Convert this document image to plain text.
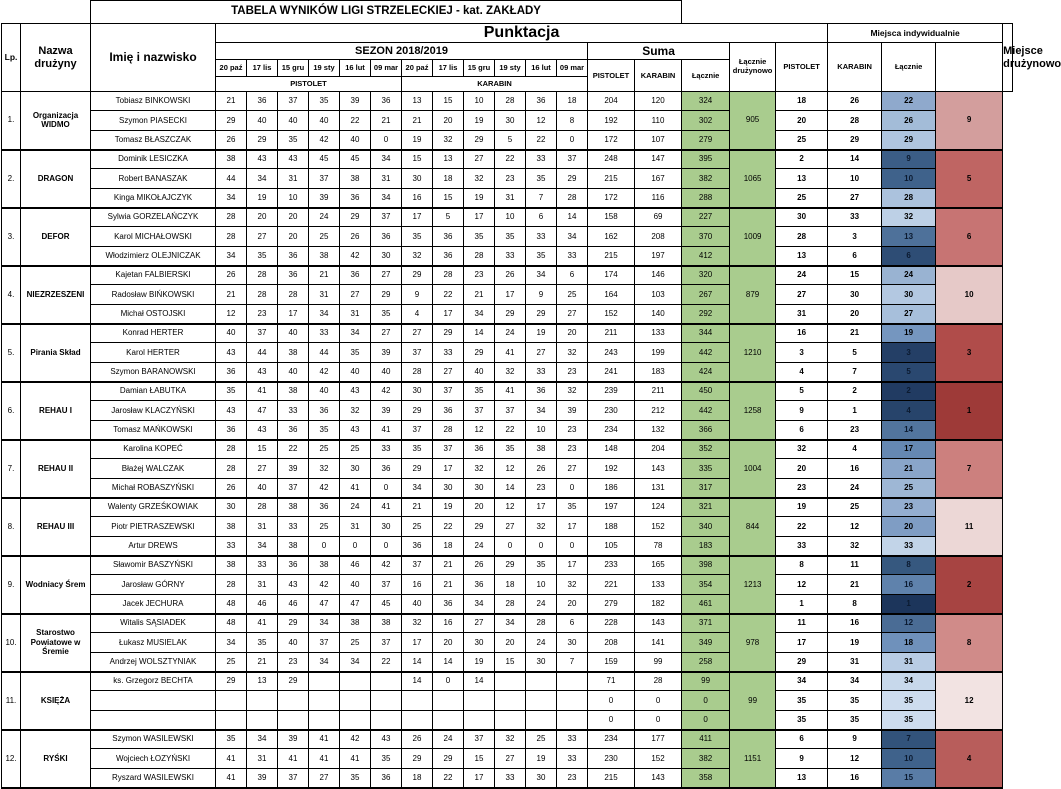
		TABELA WYNIKÓW LIGI STRZELECKIEJ - kat. ZAKŁADY																					
Lp.	Nazwa drużyny	Imię i nazwisko	Punktacja																	Miejsca indywidualnie			Miejsce drużynowo
			SEZON 2018/2019												Suma			Łącznie drużynowo	PISTOLET	KARABIN	Łącznie		
			20 paź	17 lis	15 gru	19 sty	16 lut	09 mar	20 paź	17 lis	15 gru	19 sty	16 lut	09 mar	PISTOLET	KARABIN	Łącznie						
			PISTOLET						KARABIN														
1.	Organizacja WIDMO	Tobiasz BINKOWSKI	21	36	37	35	39	36	13	15	10	28	36	18	204	120	324	905	18	26	22	9	
		Szymon PIASECKI	29	40	40	40	22	21	21	20	19	30	12	8	192	110	302		20	28	26		
		Tomasz BŁASZCZAK	26	29	35	42	40	0	19	32	29	5	22	0	172	107	279		25	29	29		
2.	DRAGON	Dominik LESICZKA	38	43	43	45	45	34	15	13	27	22	33	37	248	147	395	1065	2	14	9	5	
		Robert BANASZAK	44	34	31	37	38	31	30	18	32	23	35	29	215	167	382		13	10	10		
		Kinga MIKOŁAJCZYK	34	19	10	39	36	34	16	15	19	31	7	28	172	116	288		25	27	28		
3.	DEFOR	Sylwia GORZELAŃCZYK	28	20	20	24	29	37	17	5	17	10	6	14	158	69	227	1009	30	33	32	6	
		Karol MICHAŁOWSKI	28	27	20	25	26	36	35	36	35	35	33	34	162	208	370		28	3	13		
		Włodzimierz OLEJNICZAK	34	35	36	38	42	30	32	36	28	33	35	33	215	197	412		13	6	6		
4.	NIEZRZESZENI	Kajetan FALBIERSKI	26	28	36	21	36	27	29	28	23	26	34	6	174	146	320	879	24	15	24	10	
		Radosław BIŃKOWSKI	21	28	28	31	27	29	9	22	21	17	9	25	164	103	267		27	30	30		
		Michał OSTOJSKI	12	23	17	34	31	35	4	17	34	29	29	27	152	140	292		31	20	27		
5.	Pirania Skład	Konrad HERTER	40	37	40	33	34	27	27	29	14	24	19	20	211	133	344	1210	16	21	19	3	
		Karol HERTER	43	44	38	44	35	39	37	33	29	41	27	32	243	199	442		3	5	3		
		Szymon BARANOWSKI	36	43	40	42	40	40	28	27	40	32	33	23	241	183	424		4	7	5		
6.	REHAU I	Damian ŁABUTKA	35	41	38	40	43	42	30	37	35	41	36	32	239	211	450	1258	5	2	2	1	
		Jarosław KLACZYŃSKI	43	47	33	36	32	39	29	36	37	37	34	39	230	212	442		9	1	4		
		Tomasz MAŃKOWSKI	36	43	36	35	43	41	37	28	12	22	10	23	234	132	366		6	23	14		
7.	REHAU II	Karolina KOPEĆ	28	15	22	25	25	33	35	37	36	35	38	23	148	204	352	1004	32	4	17	7	
		Błażej WALCZAK	28	27	39	32	30	36	29	17	32	12	26	27	192	143	335		20	16	21		
		Michał ROBASZYŃSKI	26	40	37	42	41	0	34	30	30	14	23	0	186	131	317		23	24	25		
8.	REHAU III	Walenty GRZEŚKOWIAK	30	28	38	36	24	41	21	19	20	12	17	35	197	124	321	844	19	25	23	11	
		Piotr PIETRASZEWSKI	38	31	33	25	31	30	25	22	29	27	32	17	188	152	340		22	12	20		
		Artur DREWS	33	34	38	0	0	0	36	18	24	0	0	0	105	78	183		33	32	33		
9.	Wodniacy Śrem	Sławomir BASZYŃSKI	38	33	36	38	46	42	37	21	26	29	35	17	233	165	398	1213	8	11	8	2	
		Jarosław GÓRNY	28	31	43	42	40	37	16	21	36	18	10	32	221	133	354		12	21	16		
		Jacek JECHURA	48	46	46	47	47	45	40	36	34	28	24	20	279	182	461		1	8	1		
10.	Starostwo Powiatowe w Śremie	Witalis SĄSIADEK	48	41	29	34	38	38	32	16	27	34	28	6	228	143	371	978	11	16	12	8	
		Łukasz MUSIELAK	34	35	40	37	25	37	17	20	30	20	24	30	208	141	349		17	19	18		
		Andrzej WOLSZTYNIAK	25	21	23	34	34	22	14	14	19	15	30	7	159	99	258		29	31	31		
11.	KSIĘŻA	ks. Grzegorz BECHTA	29	13	29				14	0	14				71	28	99	99	34	34	34	12	
															0	0	0		35	35	35		
															0	0	0		35	35	35		
12.	RYŚKI	Szymon WASILEWSKI	35	34	39	41	42	43	26	24	37	32	25	33	234	177	411	1151	6	9	7	4	
		Wojciech ŁOZYŃSKI	41	31	41	41	41	35	29	29	15	27	19	33	230	152	382		9	12	10		
		Ryszard WASILEWSKI	41	39	37	27	35	36	18	22	17	33	30	23	215	143	358		13	16	15		
